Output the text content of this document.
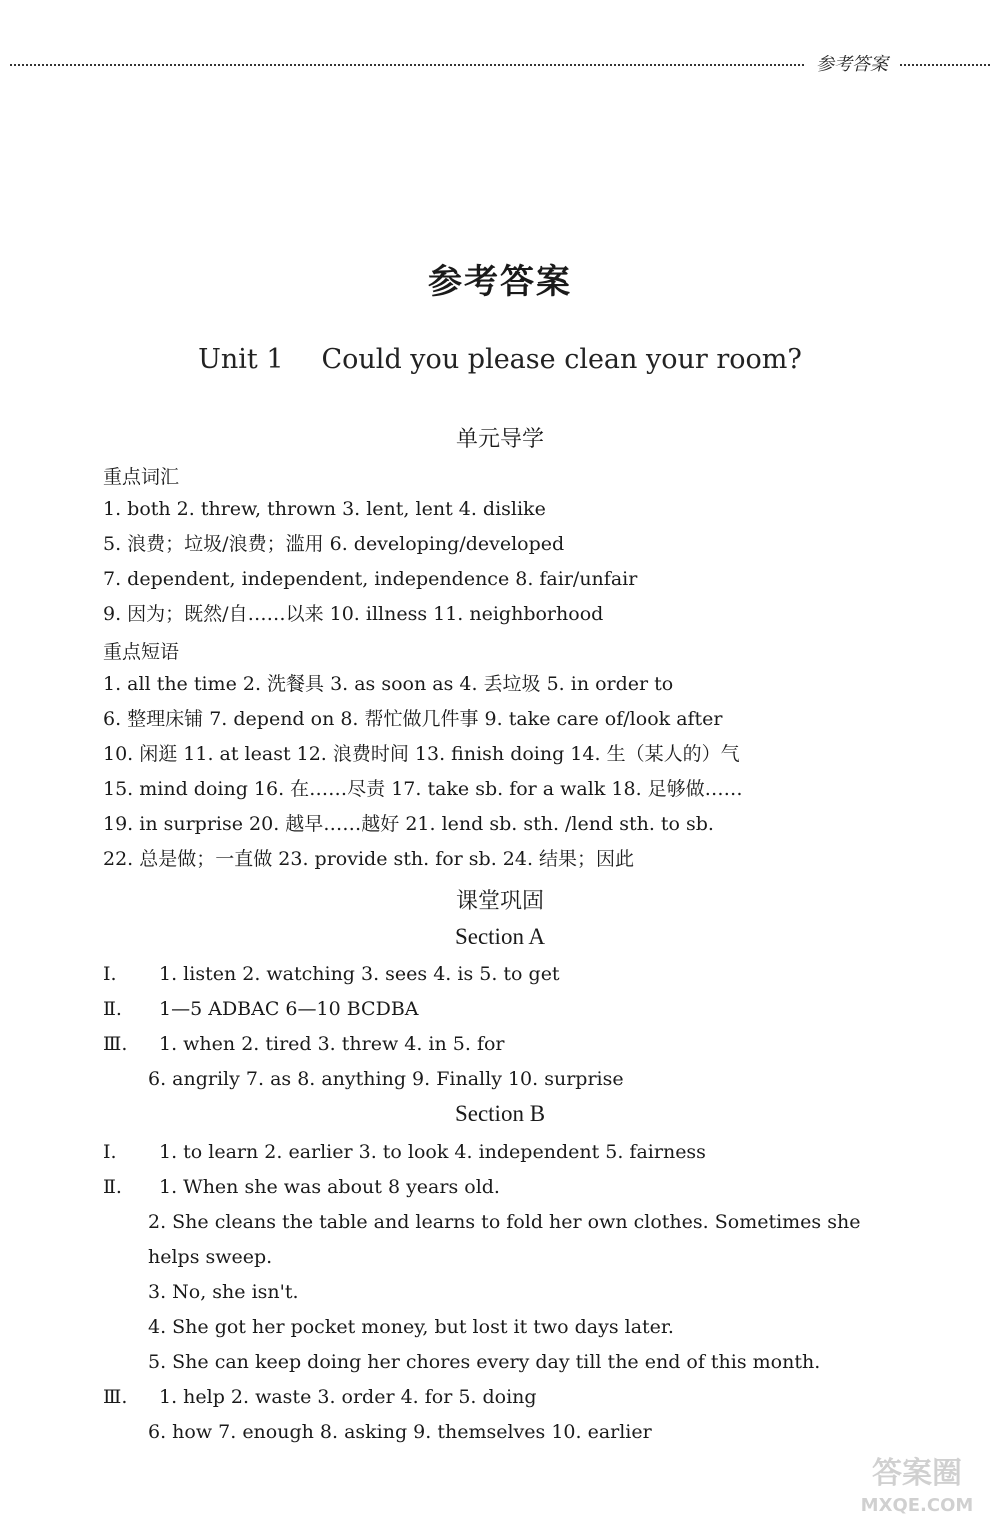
参考答案
参考答案
Unit 1 Could you please clean your room?
单元导学
重点词汇
1. both 2. threw, thrown 3. lent, lent 4. dislike
5. 浪费；垃圾/浪费；滥用 6. developing/developed
7. dependent, independent, independence 8. fair/unfair
9. 因为；既然/自……以来 10. illness 11. neighborhood
重点短语
1. all the time 2. 洗餐具 3. as soon as 4. 丢垃圾 5. in order to
6. 整理床铺 7. depend on 8. 帮忙做几件事 9. take care of/look after
10. 闲逛 11. at least 12. 浪费时间 13. finish doing 14. 生（某人的）气
15. mind doing 16. 在……尽责 17. take sb. for a walk 18. 足够做……
19. in surprise 20. 越早……越好 21. lend sb. sth. /lend sth. to sb.
22. 总是做；一直做 23. provide sth. for sb. 24. 结果；因此
课堂巩固
Section A
Ⅰ. 1. listen 2. watching 3. sees 4. is 5. to get
Ⅱ. 1—5 ADBAC 6—10 BCDBA
Ⅲ. 1. when 2. tired 3. threw 4. in 5. for
6. angrily 7. as 8. anything 9. Finally 10. surprise
Section B
Ⅰ. 1. to learn 2. earlier 3. to look 4. independent 5. fairness
Ⅱ. 1. When she was about 8 years old.
2. She cleans the table and learns to fold her own clothes. Sometimes she
helps sweep.
3. No, she isn't.
4. She got her pocket money, but lost it two days later.
5. She can keep doing her chores every day till the end of this month.
Ⅲ. 1. help 2. waste 3. order 4. for 5. doing
6. how 7. enough 8. asking 9. themselves 10. earlier
答案圈
MXQE.COM
